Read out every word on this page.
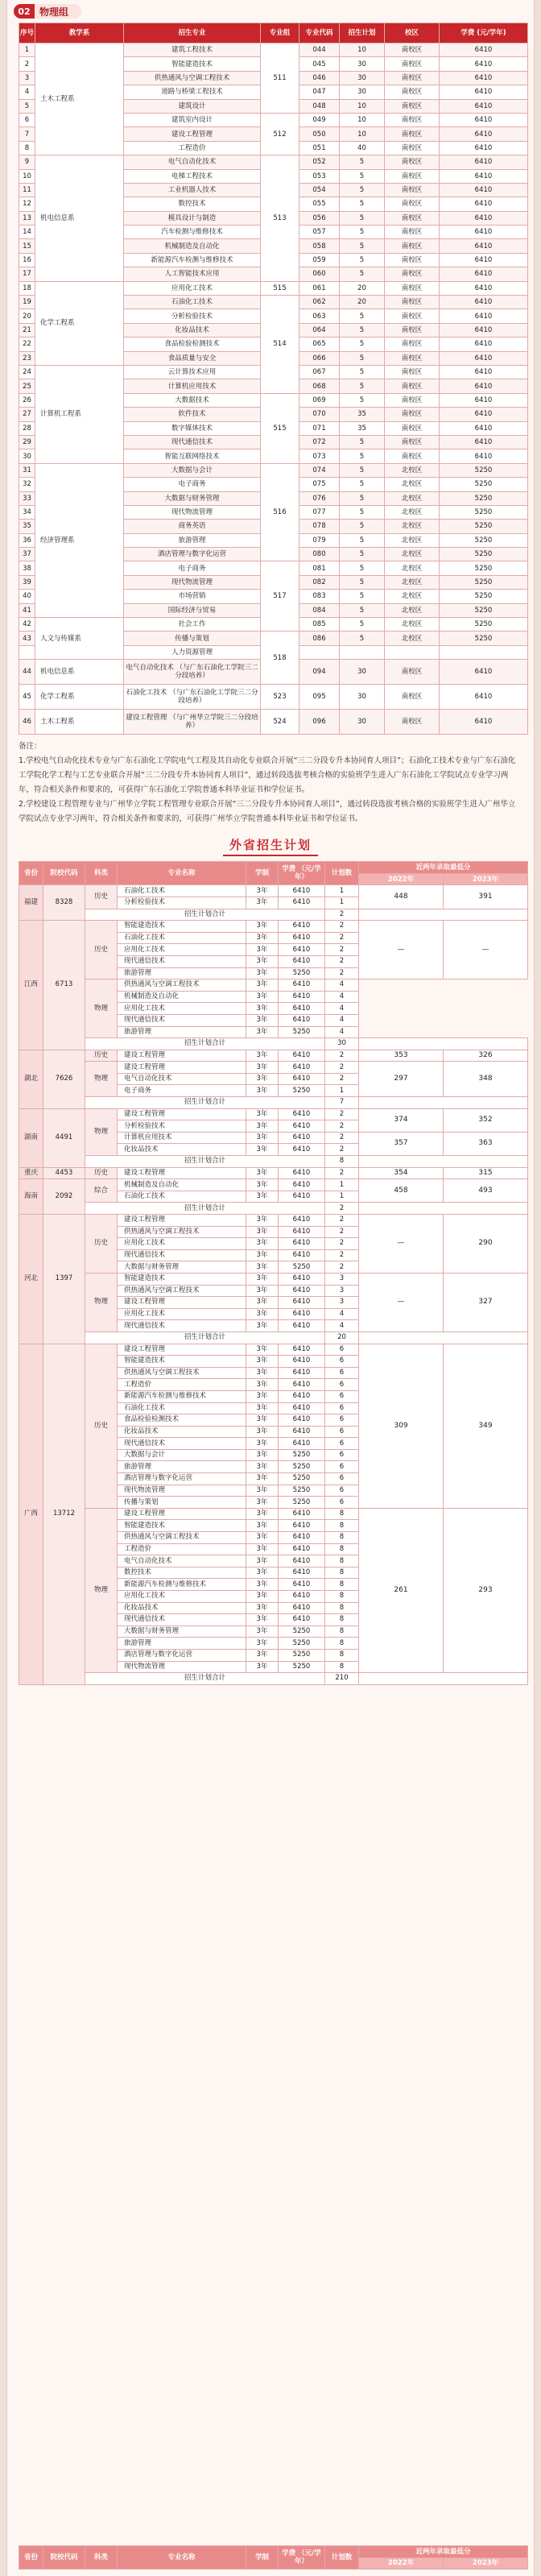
02 物理组
序号	教学系	招生专业	专业组	专业代码	招生计划	校区	学费 (元/学年)
1	土木工程系	建筑工程技术	511	044	10	南校区	6410
2		智能建造技术		045	30	南校区	6410
3		供热通风与空调工程技术		046	30	南校区	6410
4		道路与桥梁工程技术		047	30	南校区	6410
5		建筑设计		048	10	南校区	6410
6		建筑室内设计	512	049	10	南校区	6410
7		建设工程管理		050	10	南校区	6410
8		工程造价		051	40	南校区	6410
9	机电信息系	电气自动化技术	513	052	5	南校区	6410
10		电梯工程技术		053	5	南校区	6410
11		工业机器人技术		054	5	南校区	6410
12		数控技术		055	5	南校区	6410
13		模具设计与制造		056	5	南校区	6410
14		汽车检测与维修技术		057	5	南校区	6410
15		机械制造及自动化		058	5	南校区	6410
16		新能源汽车检测与维修技术		059	5	南校区	6410
17		人工智能技术应用		060	5	南校区	6410
18	化学工程系	应用化工技术	515	061	20	南校区	6410
19		石油化工技术	514	062	20	南校区	6410
20		分析检验技术		063	5	南校区	6410
21		化妆品技术		064	5	南校区	6410
22		食品检验检测技术		065	5	南校区	6410
23		食品质量与安全		066	5	南校区	6410
24	计算机工程系	云计算技术应用		067	5	南校区	6410
25		计算机应用技术		068	5	南校区	6410
26		大数据技术	515	069	5	南校区	6410
27		软件技术		070	35	南校区	6410
28		数字媒体技术		071	35	南校区	6410
29		现代通信技术		072	5	南校区	6410
30		智能互联网络技术		073	5	南校区	6410
31	经济管理系	大数据与会计	516	074	5	北校区	5250
32		电子商务		075	5	北校区	5250
33		大数据与财务管理		076	5	北校区	5250
34		现代物流管理		077	5	北校区	5250
35		商务英语		078	5	北校区	5250
36		旅游管理		079	5	北校区	5250
37		酒店管理与数字化运营		080	5	北校区	5250
38		电子商务	517	081	5	北校区	5250
39		现代物流管理		082	5	北校区	5250
40		市场营销		083	5	北校区	5250
41		国际经济与贸易		084	5	北校区	5250
42	人文与传媒系	社会工作		085	5	北校区	5250
43		传播与策划	518	086	5	北校区	5250
		人力资源管理					
44	机电信息系	电气自动化技术 （与广东石油化工学院三二分段培养）		094	30	南校区	6410
45	化学工程系	石油化工技术 （与广东石油化工学院三二分段培养）	523	095	30	南校区	6410
46	土木工程系	建设工程管理 （与广州华立学院三二分段培养）	524	096	30	南校区	6410

备注：

1.学校电气自动化技术专业与广东石油化工学院电气工程及其自动化专业联合开展“三二分段专升本协同育人项目”；石油化工技术专业与广东石油化工学院化学工程与工艺专业联合开展“三二分段专升本协同育人项目”，通过转段选拔考核合格的实验班学生进入广东石油化工学院试点专业学习两年，符合相关条件和要求的，可获得广东石油化工学院普通本科毕业证书和学位证书。

2.学校建设工程管理专业与广州华立学院工程管理专业联合开展“三二分段专升本协同育人项目”，通过转段选拔考核合格的实验班学生进入广州华立学院试点专业学习两年，符合相关条件和要求的，可获得广州华立学院普通本科毕业证书和学位证书。

外省招生计划
省份	院校代码	科类	专业名称	学制	学费 （元/学年）	计划数	近两年录取最低分	
							2022年	2023年
福建	8328	历史	石油化工技术	3年	6410	1	448	391
			分析检验技术	3年	6410	1		
		招生计划合计				2		
江西	6713	历史	智能建造技术	3年	6410	2	—	—
			石油化工技术	3年	6410	2		
			应用化工技术	3年	6410	2		
			现代通信技术	3年	6410	2		
			旅游管理	3年	5250	2		
		物理	供热通风与空调工程技术	3年	6410	4		
			机械制造及自动化	3年	6410	4		
			应用化工技术	3年	6410	4		
			现代通信技术	3年	6410	4		
			旅游管理	3年	5250	4		
		招生计划合计				30		
湖北	7626	历史	建设工程管理	3年	6410	2	353	326
		物理	建设工程管理	3年	6410	2	297	348
			电气自动化技术	3年	6410	2		
			电子商务	3年	5250	1		
		招生计划合计				7		
湖南	4491	物理	建设工程管理	3年	6410	2	374	352
			分析检验技术	3年	6410	2		
			计算机应用技术	3年	6410	2	357	363
			化妆品技术	3年	6410	2		
		招生计划合计				8		
重庆	4453	历史	建设工程管理	3年	6410	2	354	315
海南	2092	综合	机械制造及自动化	3年	6410	1	458	493
			石油化工技术	3年	6410	1		
		招生计划合计				2		
河北	1397	历史	建设工程管理	3年	6410	2	—	290
			供热通风与空调工程技术	3年	6410	2		
			应用化工技术	3年	6410	2		
			现代通信技术	3年	6410	2		
			大数据与财务管理	3年	5250	2		
		物理	智能建造技术	3年	6410	3	—	327
			供热通风与空调工程技术	3年	6410	3		
			建设工程管理	3年	6410	3		
			应用化工技术	3年	6410	4		
			现代通信技术	3年	6410	4		
		招生计划合计				20		
广西	13712	历史	建设工程管理	3年	6410	6	309	349
			智能建造技术	3年	6410	6		
			供热通风与空调工程技术	3年	6410	6		
			工程造价	3年	6410	6		
			新能源汽车检测与维修技术	3年	6410	6		
			石油化工技术	3年	6410	6		
			食品检验检测技术	3年	6410	6		
			化妆品技术	3年	6410	6		
			现代通信技术	3年	6410	6		
			大数据与会计	3年	5250	6		
			旅游管理	3年	5250	6		
			酒店管理与数字化运营	3年	5250	6		
			现代物流管理	3年	5250	6		
			传播与策划	3年	5250	6		
		物理	建设工程管理	3年	6410	8	261	293
			智能建造技术	3年	6410	8		
			供热通风与空调工程技术	3年	6410	8		
			工程造价	3年	6410	8		
			电气自动化技术	3年	6410	8		
			数控技术	3年	6410	8		
			新能源汽车检测与维修技术	3年	6410	8		
			应用化工技术	3年	6410	8		
			化妆品技术	3年	6410	8		
			现代通信技术	3年	6410	8		
			大数据与财务管理	3年	5250	8		
			旅游管理	3年	5250	8		
			酒店管理与数字化运营	3年	5250	8		
			现代物流管理	3年	5250	8		
		招生计划合计				210		
省份	院校代码	科类	专业名称	学制	学费 （元/学年）	计划数	近两年录取最低分	
							2022年	2023年
